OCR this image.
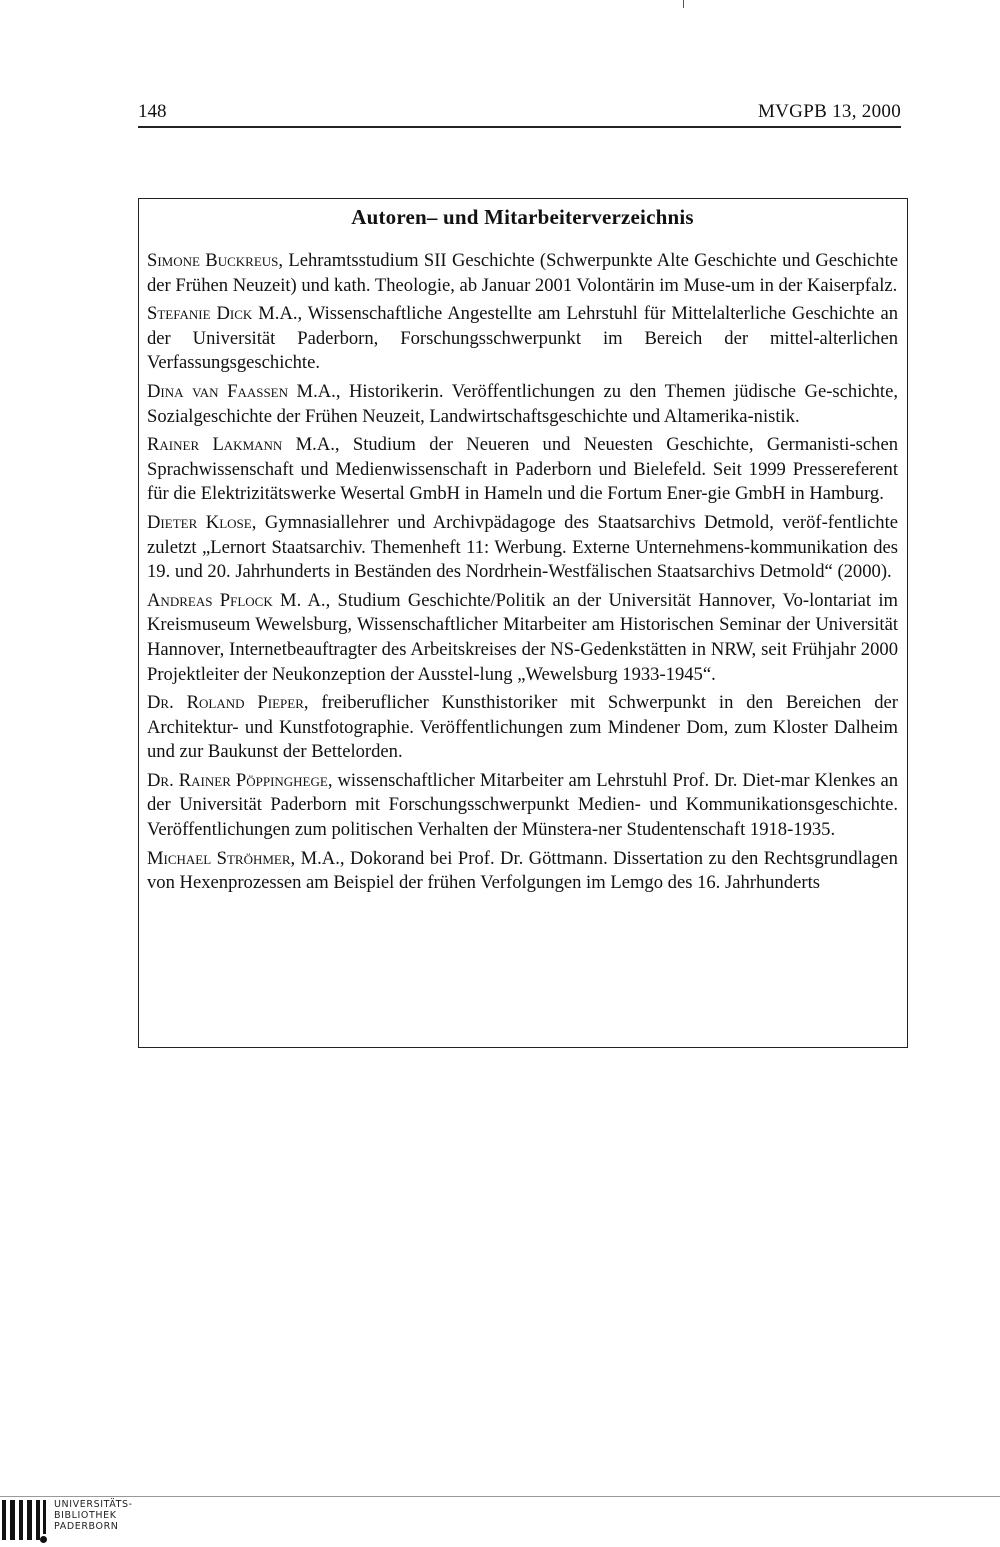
148	MVGPB 13, 2000
Autoren– und Mitarbeiterverzeichnis

Simone Buckreus, Lehramtsstudium SII Geschichte (Schwerpunkte Alte Geschichte und Geschichte der Frühen Neuzeit) und kath. Theologie, ab Januar 2001 Volontärin im Muse-um in der Kaiserpfalz.

Stefanie Dick M.A., Wissenschaftliche Angestellte am Lehrstuhl für Mittelalterliche Geschichte an der Universität Paderborn, Forschungsschwerpunkt im Bereich der mittel-alterlichen Verfassungsgeschichte.

Dina van Faassen M.A., Historikerin. Veröffentlichungen zu den Themen jüdische Ge-schichte, Sozialgeschichte der Frühen Neuzeit, Landwirtschaftsgeschichte und Altamerika-nistik.

Rainer Lakmann M.A., Studium der Neueren und Neuesten Geschichte, Germanisti-schen Sprachwissenschaft und Medienwissenschaft in Paderborn und Bielefeld. Seit 1999 Pressereferent für die Elektrizitätswerke Wesertal GmbH in Hameln und die Fortum Ener-gie GmbH in Hamburg.

Dieter Klose, Gymnasiallehrer und Archivpädagoge des Staatsarchivs Detmold, veröf-fentlichte zuletzt „Lernort Staatsarchiv. Themenheft 11: Werbung. Externe Unternehmens-kommunikation des 19. und 20. Jahrhunderts in Beständen des Nordrhein-Westfälischen Staatsarchivs Detmold“ (2000).

Andreas Pflock M. A., Studium Geschichte/Politik an der Universität Hannover, Vo-lontariat im Kreismuseum Wewelsburg, Wissenschaftlicher Mitarbeiter am Historischen Seminar der Universität Hannover, Internetbeauftragter des Arbeitskreises der NS-Gedenkstätten in NRW, seit Frühjahr 2000 Projektleiter der Neukonzeption der Ausstel-lung „Wewelsburg 1933-1945“.

Dr. Roland Pieper, freiberuflicher Kunsthistoriker mit Schwerpunkt in den Bereichen der Architektur- und Kunstfotographie. Veröffentlichungen zum Mindener Dom, zum Kloster Dalheim und zur Baukunst der Bettelorden.

Dr. Rainer Pöppinghege, wissenschaftlicher Mitarbeiter am Lehrstuhl Prof. Dr. Diet-mar Klenkes an der Universität Paderborn mit Forschungsschwerpunkt Medien- und Kommunikationsgeschichte. Veröffentlichungen zum politischen Verhalten der Münstera-ner Studentenschaft 1918-1935.

Michael Ströhmer, M.A., Dokorand bei Prof. Dr. Göttmann. Dissertation zu den Rechtsgrundlagen von Hexenprozessen am Beispiel der frühen Verfolgungen im Lemgo des 16. Jahrhunderts

UNIVERSITÄTS-
BIBLIOTHEK
PADERBORN
